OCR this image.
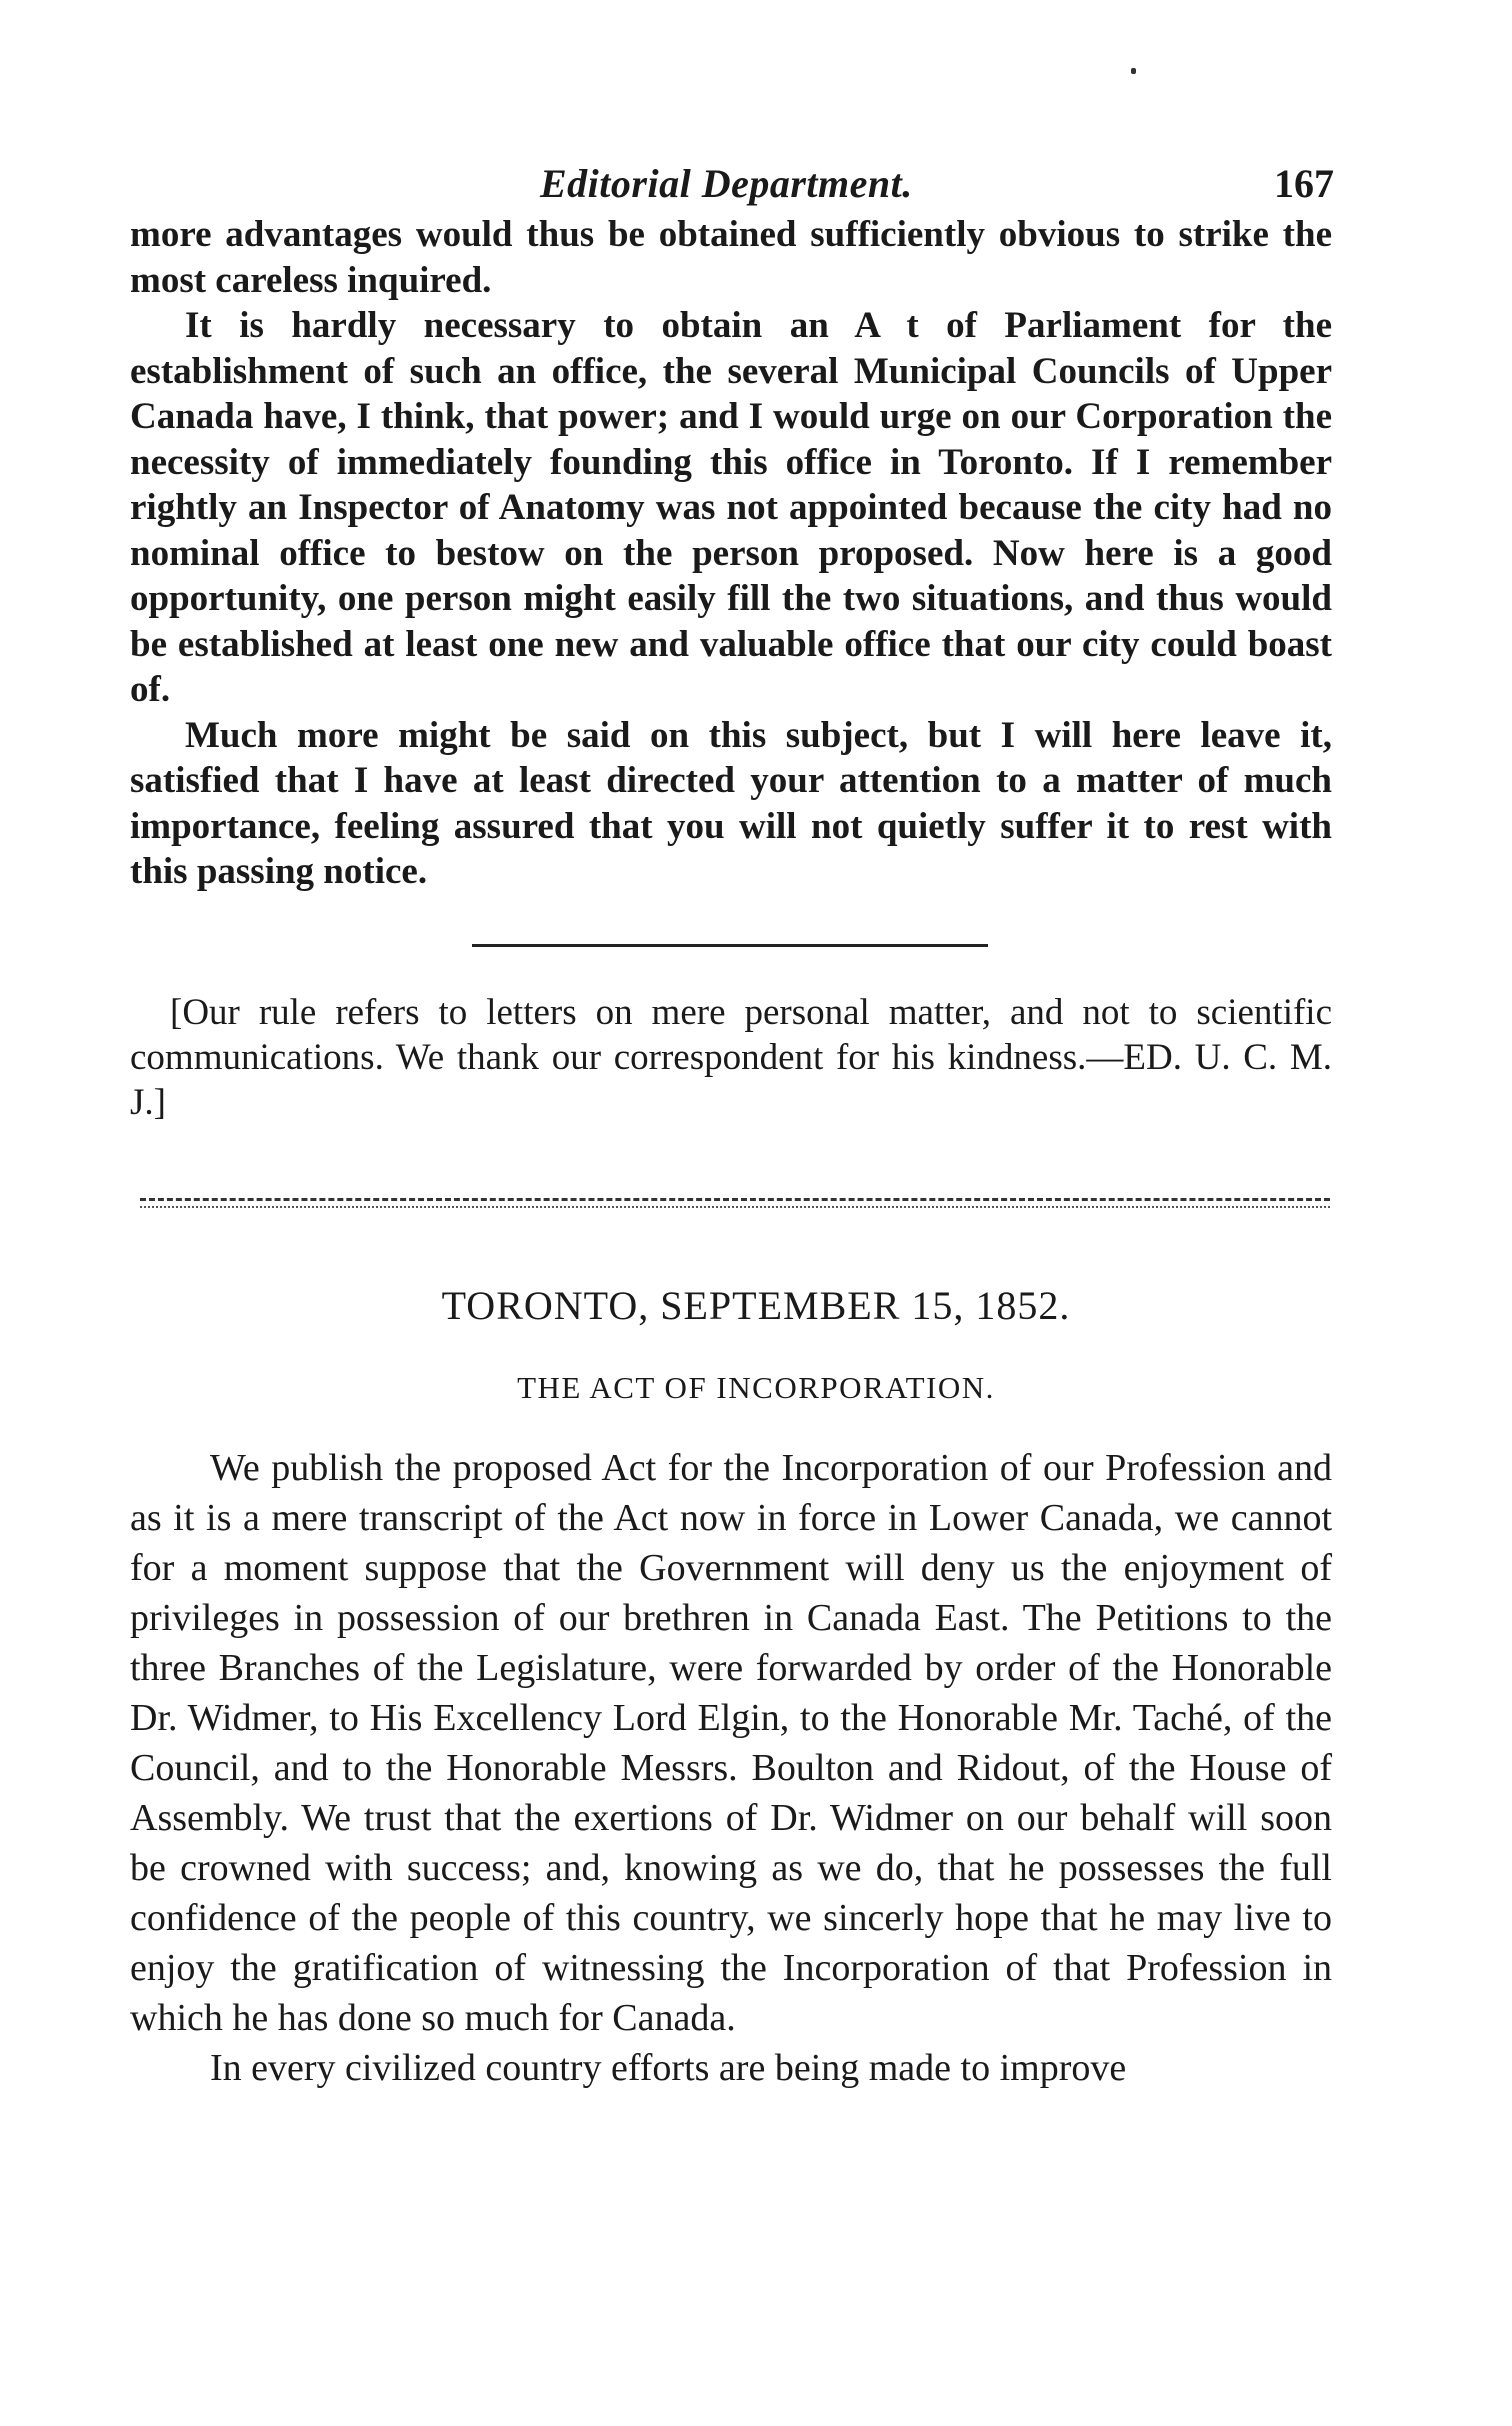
Editorial Department.	167

more advantages would thus be obtained sufficiently obvious to strike the most careless inquired.

It is hardly necessary to obtain an A t of Parliament for the establishment of such an office, the several Municipal Councils of Upper Canada have, I think, that power; and I would urge on our Corporation the necessity of immediately founding this office in Toronto. If I remember rightly an Inspector of Anatomy was not appointed because the city had no nominal office to bestow on the person proposed. Now here is a good opportunity, one person might easily fill the two situations, and thus would be established at least one new and valuable office that our city could boast of.

Much more might be said on this subject, but I will here leave it, satisfied that I have at least directed your attention to a matter of much importance, feeling assured that you will not quietly suffer it to rest with this passing notice.

[Our rule refers to letters on mere personal matter, and not to scientific communications. We thank our correspondent for his kindness.—ED. U. C. M. J.]

TORONTO, SEPTEMBER 15, 1852.
THE ACT OF INCORPORATION.

We publish the proposed Act for the Incorporation of our Profession and as it is a mere transcript of the Act now in force in Lower Canada, we cannot for a moment suppose that the Government will deny us the enjoyment of privileges in possession of our brethren in Canada East. The Petitions to the three Branches of the Legislature, were forwarded by order of the Honorable Dr. Widmer, to His Excellency Lord Elgin, to the Honorable Mr. Taché, of the Council, and to the Honorable Messrs. Boulton and Ridout, of the House of Assembly. We trust that the exertions of Dr. Widmer on our behalf will soon be crowned with success; and, knowing as we do, that he possesses the full confidence of the people of this country, we sincerly hope that he may live to enjoy the gratification of witnessing the Incorporation of that Profession in which he has done so much for Canada.

In every civilized country efforts are being made to improve
